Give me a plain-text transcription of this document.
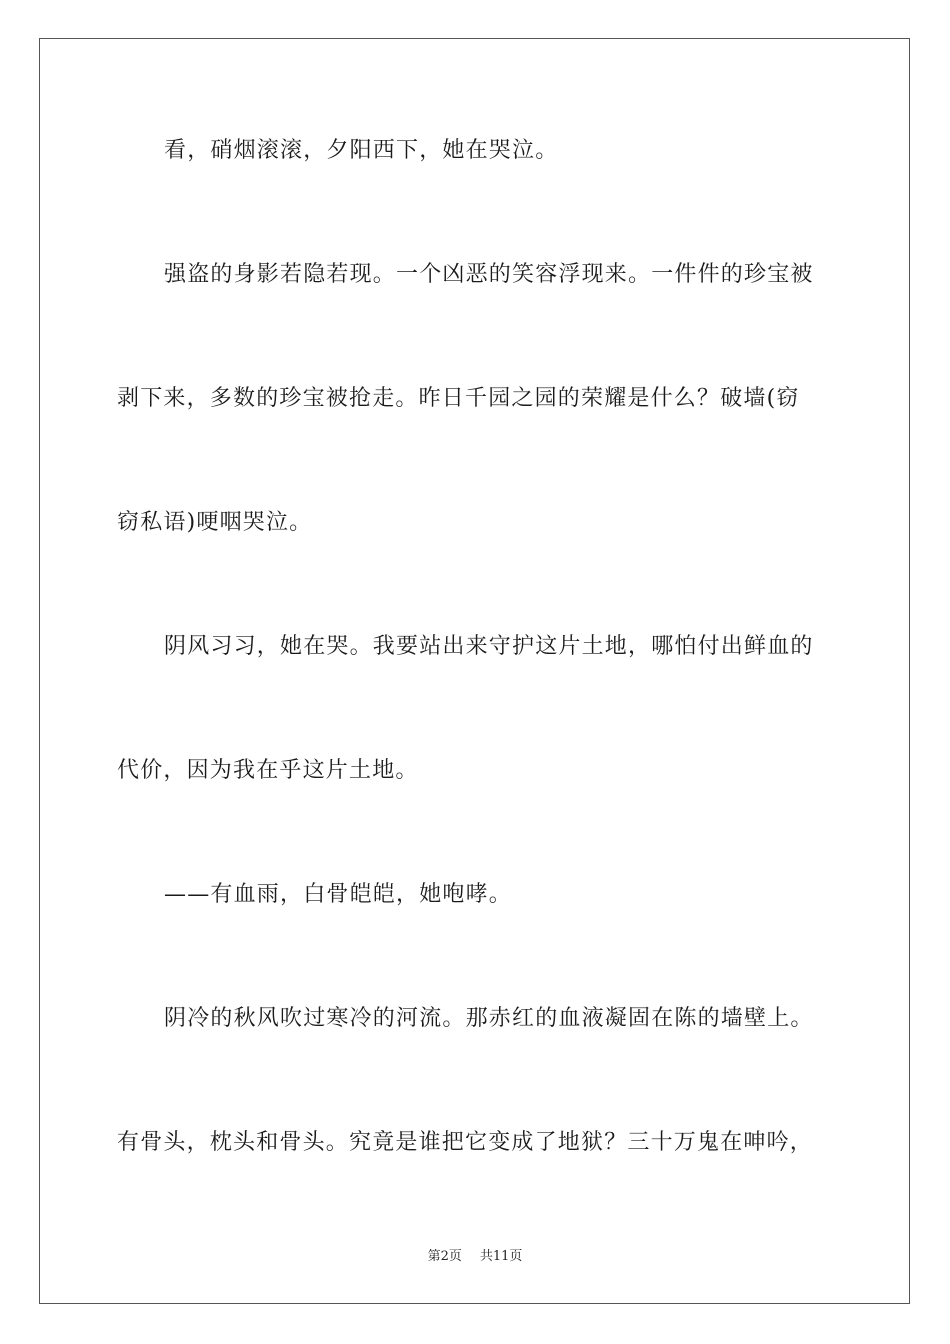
看，硝烟滚滚，夕阳西下，她在哭泣。
强盗的身影若隐若现。一个凶恶的笑容浮现来。一件件的珍宝被
剥下来，多数的珍宝被抢走。昨日千园之园的荣耀是什么？破墙(窃
窃私语)哽咽哭泣。
阴风习习，她在哭。我要站出来守护这片土地，哪怕付出鲜血的
代价，因为我在乎这片土地。
——有血雨，白骨皑皑，她咆哮。
阴冷的秋风吹过寒冷的河流。那赤红的血液凝固在陈的墙壁上。
有骨头，枕头和骨头。究竟是谁把它变成了地狱？三十万鬼在呻吟，
第2页 共11页
